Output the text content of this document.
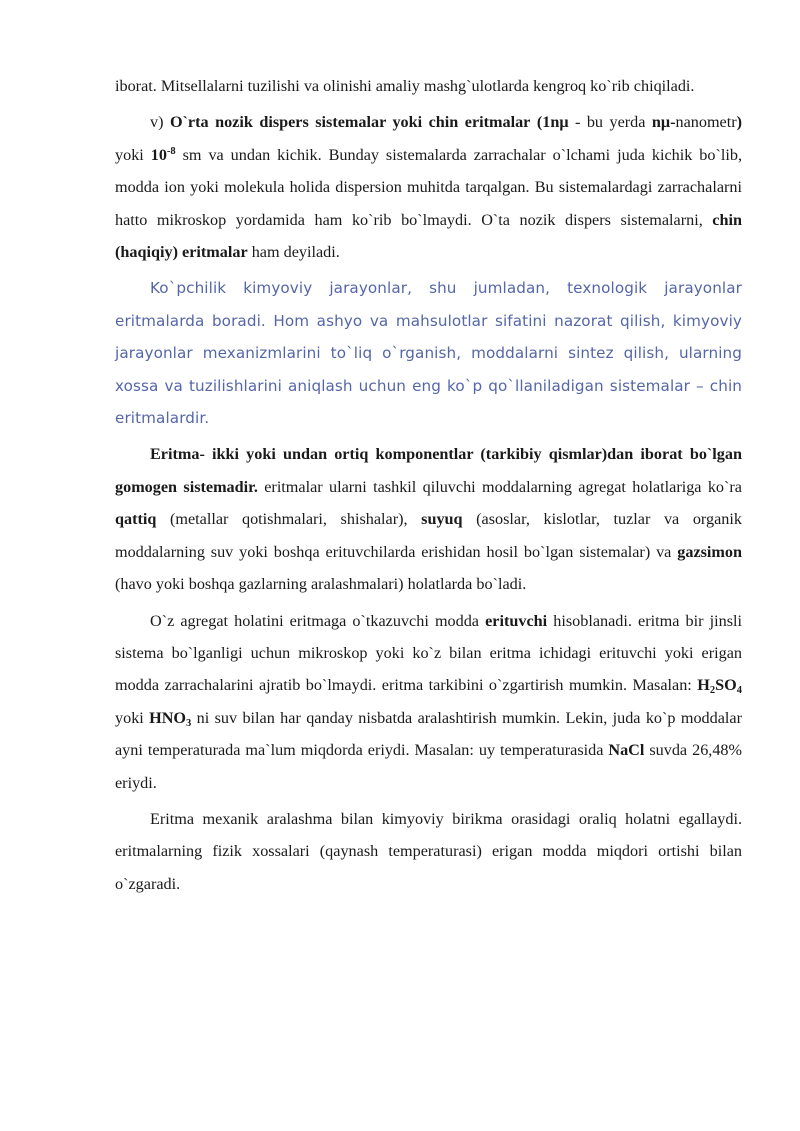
iborat. Mitsellalarni tuzilishi va olinishi amaliy mashg`ulotlarda kengroq ko`rib chiqiladi.

v) O`rta nozik dispers sistemalar yoki chin eritmalar (1nμ - bu yerda nμ-nanometr) yoki $10^{-8}$ sm va undan kichik. Bunday sistemalarda zarrachalar o`lchami juda kichik bo`lib, modda ion yoki molekula holida dispersion muhitda tarqalgan. Bu sistemalardagi zarrachalarni hatto mikroskop yordamida ham ko`rib bo`lmaydi. O`ta nozik dispers sistemalarni, chin (haqiqiy) eritmalar ham deyiladi.

Ko`pchilik kimyoviy jarayonlar, shu jumladan, texnologik jarayonlar eritmalarda boradi. Hom ashyo va mahsulotlar sifatini nazorat qilish, kimyoviy jarayonlar mexanizmlarini to`liq o`rganish, moddalarni sintez qilish, ularning xossa va tuzilishlarini aniqlash uchun eng ko`p qo`llaniladigan sistemalar – chin eritmalardir.

Eritma- ikki yoki undan ortiq komponentlar (tarkibiy qismlar)dan iborat bo`lgan gomogen sistemadir. eritmalar ularni tashkil qiluvchi moddalarning agregat holatlariga ko`ra qattiq (metallar qotishmalari, shishalar), suyuq (asoslar, kislotlar, tuzlar va organik moddalarning suv yoki boshqa erituvchilarda erishidan hosil bo`lgan sistemalar) va gazsimon (havo yoki boshqa gazlarning aralashmalari) holatlarda bo`ladi.

O`z agregat holatini eritmaga o`tkazuvchi modda erituvchi hisoblanadi. eritma bir jinsli sistema bo`lganligi uchun mikroskop yoki ko`z bilan eritma ichidagi erituvchi yoki erigan modda zarrachalarini ajratib bo`lmaydi. eritma tarkibini o`zgartirish mumkin. Masalan: $H_2SO_4$  yoki $HNO_3$ ni suv bilan har qanday nisbatda aralashtirish mumkin. Lekin, juda ko`p moddalar ayni temperaturada ma`lum miqdorda eriydi. Masalan: uy temperaturasida NaCl suvda 26,48% eriydi.

Eritma mexanik aralashma bilan kimyoviy birikma orasidagi oraliq holatni egallaydi. eritmalarning fizik xossalari (qaynash temperaturasi) erigan modda miqdori ortishi bilan o`zgaradi.
